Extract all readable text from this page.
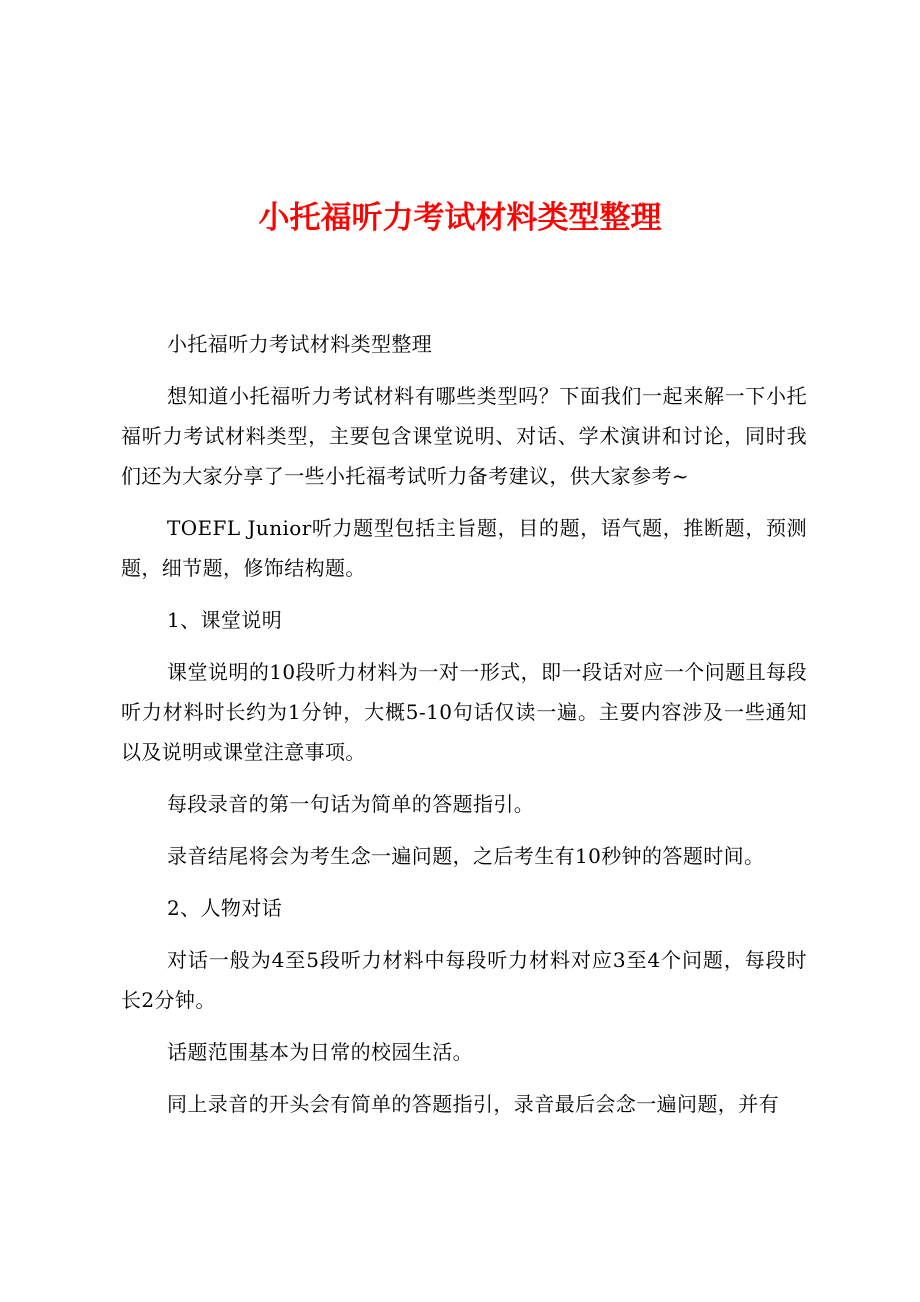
小托福听力考试材料类型整理

小托福听力考试材料类型整理

想知道小托福听力考试材料有哪些类型吗？下面我们一起来解一下小托福听力考试材料类型，主要包含课堂说明、对话、学术演讲和讨论，同时我们还为大家分享了一些小托福考试听力备考建议，供大家参考~

TOEFL Junior听力题型包括主旨题，目的题，语气题，推断题，预测题，细节题，修饰结构题。

1、课堂说明

课堂说明的10段听力材料为一对一形式，即一段话对应一个问题且每段听力材料时长约为1分钟，大概5-10句话仅读一遍。主要内容涉及一些通知以及说明或课堂注意事项。

每段录音的第一句话为简单的答题指引。

录音结尾将会为考生念一遍问题，之后考生有10秒钟的答题时间。

2、人物对话

对话一般为4至5段听力材料中每段听力材料对应3至4个问题，每段时长2分钟。

话题范围基本为日常的校园生活。

同上录音的开头会有简单的答题指引，录音最后会念一遍问题，并有
